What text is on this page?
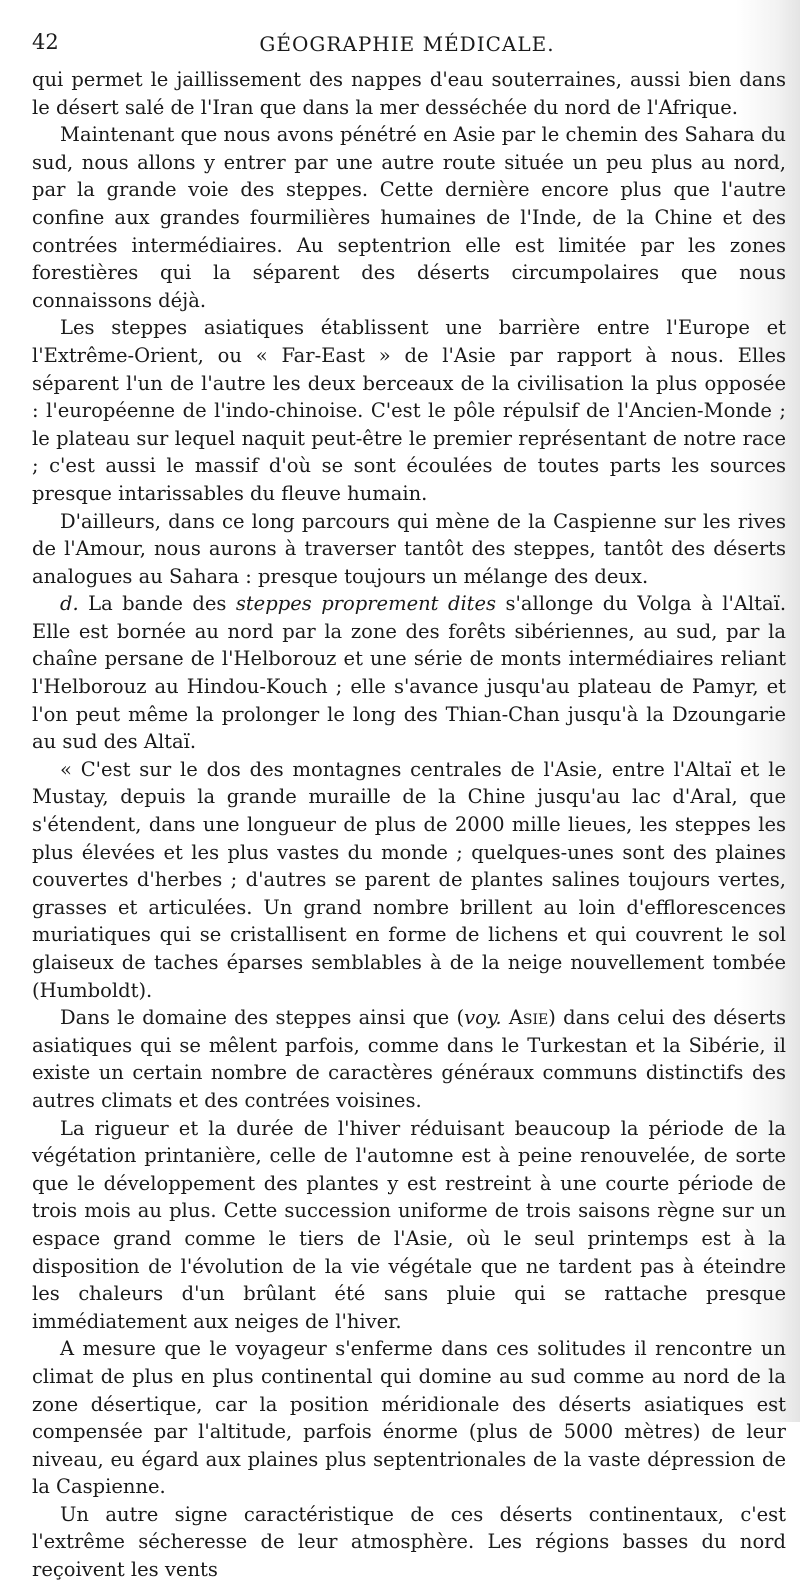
42	GÉOGRAPHIE MÉDICALE.

qui permet le jaillissement des nappes d'eau souterraines, aussi bien dans le désert salé de l'Iran que dans la mer desséchée du nord de l'Afrique.

Maintenant que nous avons pénétré en Asie par le chemin des Sahara du sud, nous allons y entrer par une autre route située un peu plus au nord, par la grande voie des steppes. Cette dernière encore plus que l'autre confine aux grandes fourmilières humaines de l'Inde, de la Chine et des contrées intermédiaires. Au septentrion elle est limitée par les zones forestières qui la séparent des déserts circumpolaires que nous connaissons déjà.

Les steppes asiatiques établissent une barrière entre l'Europe et l'Extrême-Orient, ou « Far-East » de l'Asie par rapport à nous. Elles séparent l'un de l'autre les deux berceaux de la civilisation la plus opposée : l'européenne de l'indo-chinoise. C'est le pôle répulsif de l'Ancien-Monde ; le plateau sur lequel naquit peut-être le premier représentant de notre race ; c'est aussi le massif d'où se sont écoulées de toutes parts les sources presque intarissables du fleuve humain.

D'ailleurs, dans ce long parcours qui mène de la Caspienne sur les rives de l'Amour, nous aurons à traverser tantôt des steppes, tantôt des déserts analogues au Sahara : presque toujours un mélange des deux.

d. La bande des steppes proprement dites s'allonge du Volga à l'Altaï. Elle est bornée au nord par la zone des forêts sibériennes, au sud, par la chaîne persane de l'Helborouz et une série de monts intermédiaires reliant l'Helborouz au Hindou-Kouch ; elle s'avance jusqu'au plateau de Pamyr, et l'on peut même la prolonger le long des Thian-Chan jusqu'à la Dzoungarie au sud des Altaï.

« C'est sur le dos des montagnes centrales de l'Asie, entre l'Altaï et le Mustay, depuis la grande muraille de la Chine jusqu'au lac d'Aral, que s'étendent, dans une longueur de plus de 2000 mille lieues, les steppes les plus élevées et les plus vastes du monde ; quelques-unes sont des plaines couvertes d'herbes ; d'autres se parent de plantes salines toujours vertes, grasses et articulées. Un grand nombre brillent au loin d'efflorescences muriatiques qui se cristallisent en forme de lichens et qui couvrent le sol glaiseux de taches éparses semblables à de la neige nouvellement tombée (Humboldt).

Dans le domaine des steppes ainsi que (voy. Asie) dans celui des déserts asiatiques qui se mêlent parfois, comme dans le Turkestan et la Sibérie, il existe un certain nombre de caractères généraux communs distinctifs des autres climats et des contrées voisines.

La rigueur et la durée de l'hiver réduisant beaucoup la période de la végétation printanière, celle de l'automne est à peine renouvelée, de sorte que le développement des plantes y est restreint à une courte période de trois mois au plus. Cette succession uniforme de trois saisons règne sur un espace grand comme le tiers de l'Asie, où le seul printemps est à la disposition de l'évolution de la vie végétale que ne tardent pas à éteindre les chaleurs d'un brûlant été sans pluie qui se rattache presque immédiatement aux neiges de l'hiver.

A mesure que le voyageur s'enferme dans ces solitudes il rencontre un climat de plus en plus continental qui domine au sud comme au nord de la zone désertique, car la position méridionale des déserts asiatiques est compensée par l'altitude, parfois énorme (plus de 5000 mètres) de leur niveau, eu égard aux plaines plus septentrionales de la vaste dépression de la Caspienne.

Un autre signe caractéristique de ces déserts continentaux, c'est l'extrême sécheresse de leur atmosphère. Les régions basses du nord reçoivent les vents
